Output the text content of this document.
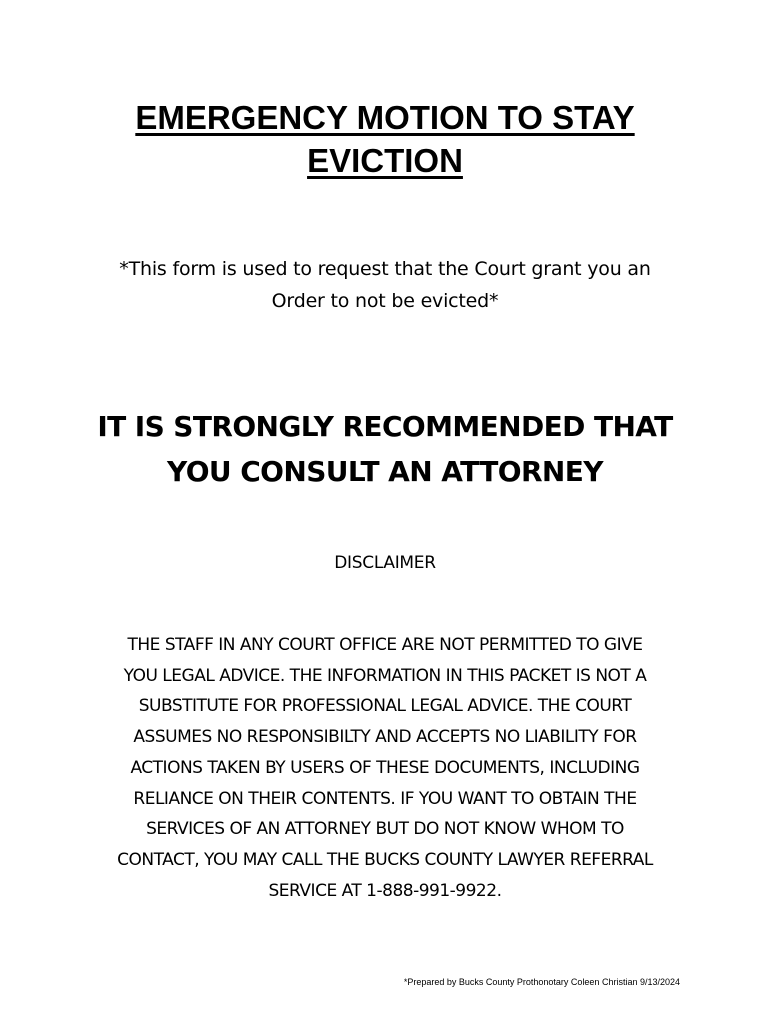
EMERGENCY MOTION TO STAY
EVICTION

*This form is used to request that the Court grant you an
Order to not be evicted*

IT IS STRONGLY RECOMMENDED THAT
YOU CONSULT AN ATTORNEY

DISCLAIMER

THE STAFF IN ANY COURT OFFICE ARE NOT PERMITTED TO GIVE
YOU LEGAL ADVICE. THE INFORMATION IN THIS PACKET IS NOT A
SUBSTITUTE FOR PROFESSIONAL LEGAL ADVICE. THE COURT
ASSUMES NO RESPONSIBILTY AND ACCEPTS NO LIABILITY FOR
ACTIONS TAKEN BY USERS OF THESE DOCUMENTS, INCLUDING
RELIANCE ON THEIR CONTENTS. IF YOU WANT TO OBTAIN THE
SERVICES OF AN ATTORNEY BUT DO NOT KNOW WHOM TO
CONTACT, YOU MAY CALL THE BUCKS COUNTY LAWYER REFERRAL
SERVICE AT 1-888-991-9922.

*Prepared by Bucks County Prothonotary Coleen Christian 9/13/2024
